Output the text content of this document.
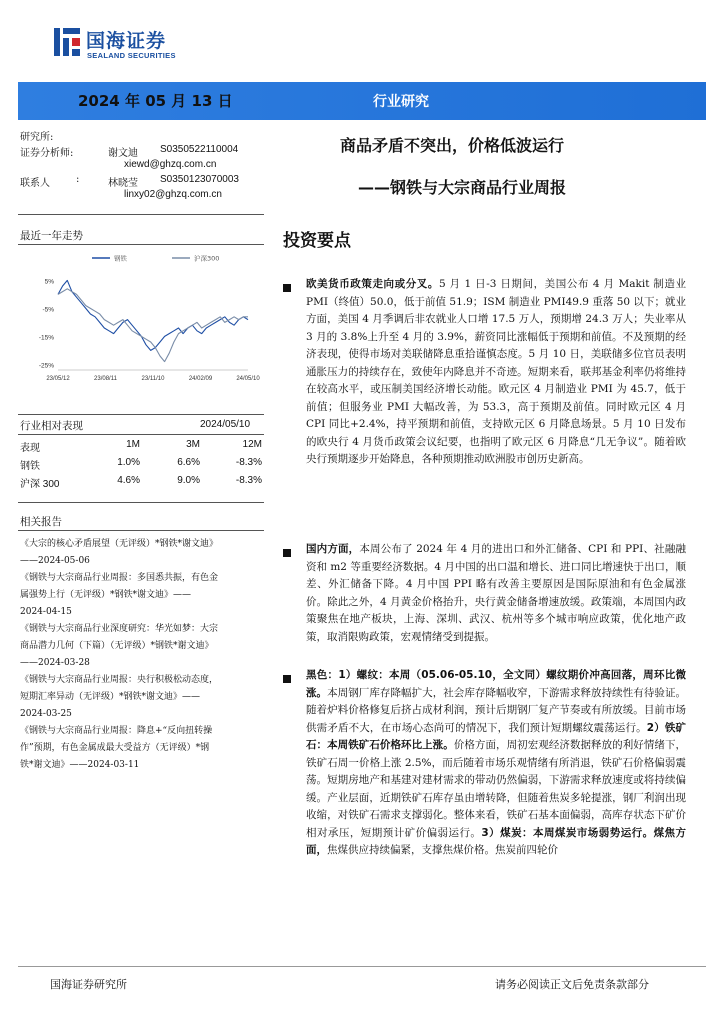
国海证券
SEALAND SECURITIES
2024 年 05 月 13 日	行业研究
研究所:
证券分析师:	谢文迪 S0350522110004
xiewd@ghzq.com.cn
联系人	:	林晓莹 S0350123070003
linxy02@ghzq.com.cn
商品矛盾不突出，价格低波运行
——钢铁与大宗商品行业周报
最近一年走势
钢铁	沪深300
5%
-5%
-15%
-25%
23/05/12	23/08/11	23/11/10	24/02/09	24/05/10
行业相对表现	2024/05/10
表现	1M	3M	12M
钢铁	1.0%	6.6%	-8.3%
沪深 300	4.6%	9.0%	-8.3%
相关报告
《大宗的核心矛盾展望（无评级）*钢铁*谢文迪》
——2024-05-06
《钢铁与大宗商品行业周报：多国悉共振，有色金
属强势上行（无评级）*钢铁*谢文迪》——
2024-04-15
《钢铁与大宗商品行业深度研究：华光如梦：大宗
商品潜力几何（下篇）（无评级）*钢铁*谢文迪》
——2024-03-28
《钢铁与大宗商品行业周报：央行积极松动态度，
短期汇率异动（无评级）*钢铁*谢文迪》——
2024-03-25
《钢铁与大宗商品行业周报：降息+“反向扭转操
作”预期，有色金属成最大受益方（无评级）*钢
铁*谢文迪》——2024-03-11
投资要点
欧美货币政策走向或分叉。5 月 1 日-3 日期间，美国公布 4 月 Makit 制造业 PMI（终值）50.0，低于前值 51.9；ISM 制造业 PMI49.9 重落 50 以下；就业方面，美国 4 月季调后非农就业人口增 17.5 万人，预期增 24.3 万人；失业率从 3 月的 3.8%上升至 4 月的 3.9%，薪资同比涨幅低于预期和前值。不及预期的经济表现，使得市场对美联储降息重拾谨慎态度。5 月 10 日，美联储多位官员表明通胀压力的持续存在，致使年内降息并不奇迹。短期来看，联邦基金利率仍将维持在较高水平，或压制美国经济增长动能。欧元区 4 月制造业 PMI 为 45.7，低于前值；但服务业 PMI 大幅改善，为 53.3，高于预期及前值。同时欧元区 4 月 CPI 同比+2.4%，持平预期和前值，支持欧元区 6 月降息场景。5 月 10 日发布的欧央行 4 月货币政策会议纪要，也指明了欧元区 6 月降息“几无争议”。随着欧央行预期逐步开始降息，各种预期推动欧洲股市创历史新高。
国内方面，本周公布了 2024 年 4 月的进出口和外汇储备、CPI 和 PPI、社融融资和 m2 等重要经济数据。4 月中国的出口温和增长、进口同比增速快于出口，顺差、外汇储备下降。4 月中国 PPI 略有改善主要原因是国际原油和有色金属涨价。除此之外，4 月黄金价格抬升，央行黄金储备增速放缓。政策端，本周国内政策聚焦在地产板块，上海、深圳、武汉、杭州等多个城市响应政策，优化地产政策，取消限购政策，宏观情绪受到提振。
黑色：1）螺纹：本周（05.06-05.10，全文同）螺纹期价冲高回落，周环比微涨。本周钢厂库存降幅扩大，社会库存降幅收窄，下游需求释放持续性有待验证。随着炉料价格修复后挤占成材利润，预计后期钢厂复产节奏或有所放缓。目前市场供需矛盾不大，在市场心态尚可的情况下，我们预计短期螺纹震荡运行。2）铁矿石：本周铁矿石价格环比上涨。价格方面，周初宏观经济数据释放的利好情绪下，铁矿石周一价格上涨 2.5%，而后随着市场乐观情绪有所消退，铁矿石价格偏弱震荡。短期房地产和基建对建材需求的带动仍然偏弱，下游需求释放速度或将持续偏缓。产业层面，近期铁矿石库存虽由增转降，但随着焦炭多轮提涨，钢厂利润出现收缩，对铁矿石需求支撑弱化。整体来看，铁矿石基本面偏弱，高库存状态下矿价相对承压，短期预计矿价偏弱运行。3）煤炭：本周煤炭市场弱势运行。煤焦方面，焦煤供应持续偏紧，支撑焦煤价格。焦炭前四轮价
国海证券研究所	请务必阅读正文后免责条款部分
